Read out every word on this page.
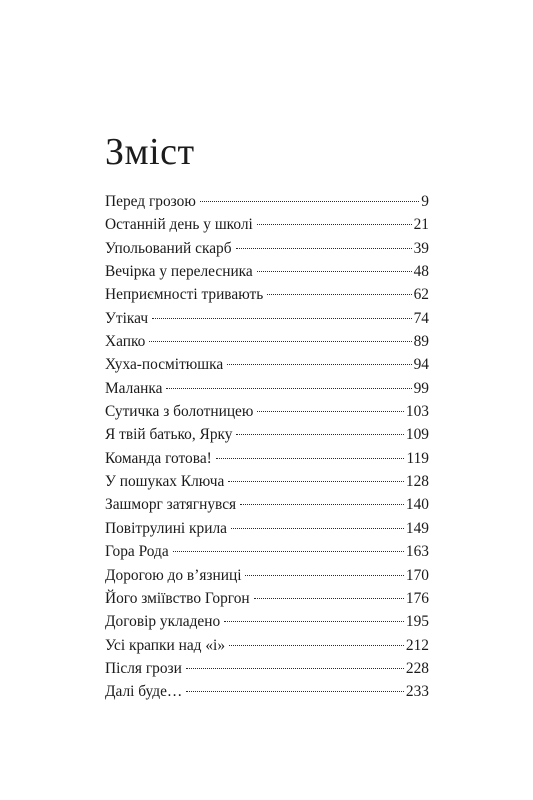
Зміст
Перед грозою	9
Останній день у школі	21
Упольований скарб	39
Вечірка у перелесника	48
Неприємності тривають	62
Утікач	74
Хапко	89
Хуха-посмітюшка	94
Маланка	99
Сутичка з болотницею	103
Я твій батько, Ярку	109
Команда готова!	119
У пошуках Ключа	128
Зашморг затягнувся	140
Повітрулині крила	149
Гора Рода	163
Дорогою до в’язниці	170
Його зміївство Горгон	176
Договір укладено	195
Усі крапки над «і»	212
Після грози	228
Далі буде…	233
